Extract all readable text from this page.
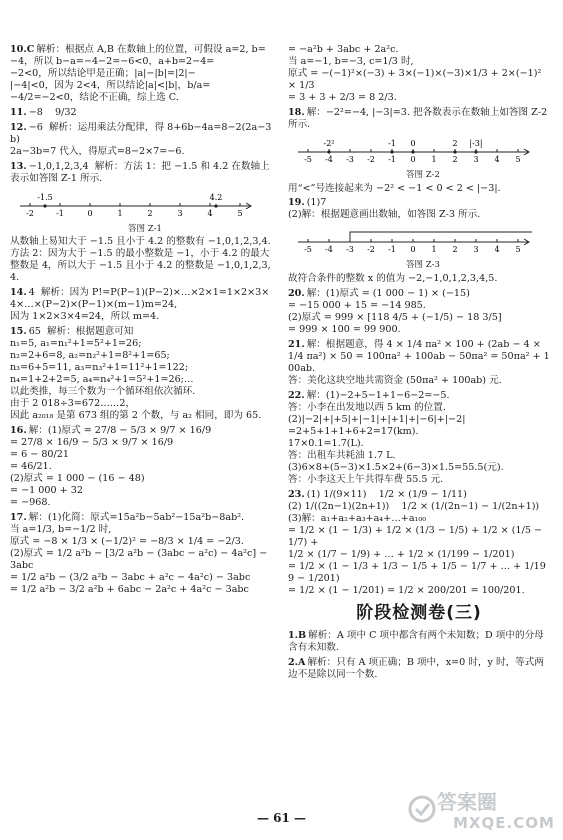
10.C 解析：根据点 A,B 在数轴上的位置，可假设 a=2, b=−4，所以 b−a=−4−2=−6<0，a+b=2−4=
−2<0，所以结论甲是正确；|a|−|b|=|2|−
|−4|<0，因为 2<4，所以结论|a|<|b|，b/a=
−4/2=−2<0，结论不正确，综上选 C.
11. −8    9/32
12. −6  解析：运用乘法分配律，得 8+6b−4a=8−2(2a−3b)
2a−3b=7 代入，得原式=8−2×7=−6.
13. −1,0,1,2,3,4  解析：方法 1：把 −1.5 和 4.2 在数轴上表示如答图 Z-1 所示.
-2	-1	0	1	2	3	4	5
-1.5	4.2
答图 Z-1
从数轴上易知大于 −1.5 且小于 4.2 的整数有 −1,0,1,2,3,4.
方法 2：因为大于 −1.5 的最小整数是 −1，小于 4.2 的最大整数是 4，所以大于 −1.5 且小于 4.2 的整数是 −1,0,1,2,3,4.
14. 4  解析：因为 P!=P(P−1)(P−2)×…×2×1=1×2×3×4×…×(P−2)×(P−1)×(m−1)m=24,
因为 1×2×3×4=24，所以 m=4.
15. 65  解析：根据题意可知
n₁=5, a₁=n₁²+1=5²+1=26;
n₂=2+6=8, a₂=n₂²+1=8²+1=65;
n₃=6+5=11, a₃=n₃²+1=11²+1=122;
n₄=1+2+2=5, a₄=n₄²+1=5²+1=26;…
以此类推，每三个数为一个循环组依次循环.
由于 2 018÷3=672……2，
因此 a₂₀₁₈ 是第 673 组的第 2 个数，与 a₂ 相同，即为 65.
16. 解：(1)原式 = 27/8 − 5/3 × 9/7 × 16/9
= 27/8 × 16/9 − 5/3 × 9/7 × 16/9
= 6 − 80/21
= 46/21.
(2)原式 = 1 000 − (16 − 48)
= −1 000 + 32
= −968.
17. 解：(1)化简：原式=15a²b−5ab²−15a²b−8ab².
当 a=1/3, b=−1/2 时,
原式 = −8 × 1/3 × (−1/2)² = −8/3 × 1/4 = −2/3.
(2)原式 = 1/2 a²b − [3/2 a²b − (3abc − a²c) − 4a²c] − 3abc
= 1/2 a²b − (3/2 a²b − 3abc + a²c − 4a²c) − 3abc
= 1/2 a²b − 3/2 a²b + 6abc − 2a²c + 4a²c − 3abc
= −a²b + 3abc + 2a²c.
当 a=−1, b=−3, c=1/3 时,
原式 = −(−1)²×(−3) + 3×(−1)×(−3)×1/3 + 2×(−1)² × 1/3
= 3 + 3 + 2/3 = 8 2/3.
18. 解：−2²=−4, |−3|=3. 把各数表示在数轴上如答图 Z-2 所示.
-5 -4 -3 -2 -1 0 1 2 3 4 5
-2²	-1 0	2 |-3|
答图 Z-2
用“<”号连接起来为 −2² < −1 < 0 < 2 < |−3|.
19. (1)7
(2)解：根据题意画出数轴，如答图 Z-3 所示.
-5 -4 -3 -2 -1 0 1 2 3 4 5
答图 Z-3
故符合条件的整数 x 的值为 −2,−1,0,1,2,3,4,5.
20. 解：(1)原式 = (1 000 − 1) × (−15)
= −15 000 + 15 = −14 985.
(2)原式 = 999 × [118 4/5 + (−1/5) − 18 3/5]
= 999 × 100 = 99 900.
21. 解：根据题意，得 4 × 1/4 πa² × 100 + (2ab − 4 × 1/4 πa²) × 50 = 100πa² + 100ab − 50πa² = 50πa² + 100ab.
答：美化这块空地共需资金 (50πa² + 100ab) 元.
22. 解：(1)−2+5−1+1−6−2=−5.
答：小李在出发地以西 5 km 的位置.
(2)|−2|+|+5|+|−1|+|+1|+|−6|+|−2|
=2+5+1+1+6+2=17(km).
17×0.1=1.7(L).
答：出租车共耗油 1.7 L.
(3)6×8+(5−3)×1.5×2+(6−3)×1.5=55.5(元).
答：小李这天上午共得车费 55.5 元.
23. (1) 1/(9×11)    1/2 × (1/9 − 1/11)
(2) 1/((2n−1)(2n+1))    1/2 × (1/(2n−1) − 1/(2n+1))
(3)解：a₁+a₂+a₃+a₄+…+a₁₀₀
= 1/2 × (1 − 1/3) + 1/2 × (1/3 − 1/5) + 1/2 × (1/5 − 1/7) +
1/2 × (1/7 − 1/9) + … + 1/2 × (1/199 − 1/201)
= 1/2 × (1 − 1/3 + 1/3 − 1/5 + 1/5 − 1/7 + … + 1/199 − 1/201)
= 1/2 × (1 − 1/201) = 1/2 × 200/201 = 100/201.
阶段检测卷(三)
1.B 解析：A 项中 C 项中都含有两个未知数；D 项中的分母含有未知数.
2.A 解析：只有 A 项正确；B 项中，x=0 时，y 时，等式两边不是除以同一个数.
— 61 —
答案圈
MXQE.COM
